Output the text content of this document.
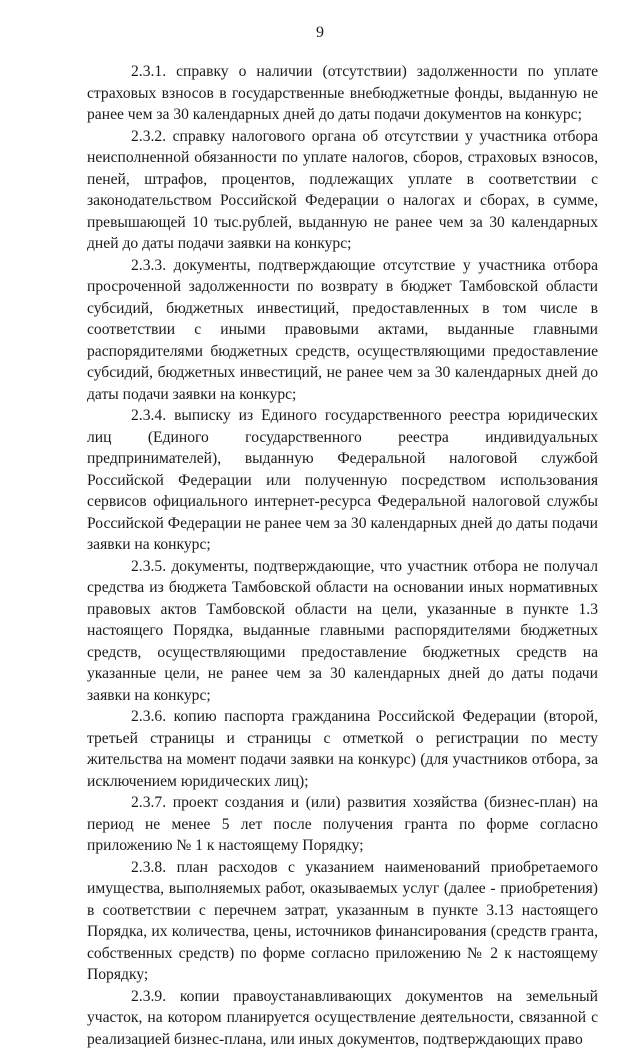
9

2.3.1. справку о наличии (отсутствии) задолженности по уплате страховых взносов в государственные внебюджетные фонды, выданную не ранее чем за 30 календарных дней до даты подачи документов на конкурс;

2.3.2. справку налогового органа об отсутствии у участника отбора неисполненной обязанности по уплате налогов, сборов, страховых взносов, пеней, штрафов, процентов, подлежащих уплате в соответствии с законодательством Российской Федерации о налогах и сборах, в сумме, превышающей 10 тыс.рублей, выданную не ранее чем за 30 календарных дней до даты подачи заявки на конкурс;

2.3.3. документы, подтверждающие отсутствие у участника отбора просроченной задолженности по возврату в бюджет Тамбовской области субсидий, бюджетных инвестиций, предоставленных в том числе в соответствии с иными правовыми актами, выданные главными распорядителями бюджетных средств, осуществляющими предоставление субсидий, бюджетных инвестиций, не ранее чем за 30 календарных дней до даты подачи заявки на конкурс;

2.3.4. выписку из Единого государственного реестра юридических лиц (Единого государственного реестра индивидуальных предпринимателей), выданную Федеральной налоговой службой Российской Федерации или полученную посредством использования сервисов официального интернет-ресурса Федеральной налоговой службы Российской Федерации не ранее чем за 30 календарных дней до даты подачи заявки на конкурс;

2.3.5. документы, подтверждающие, что участник отбора не получал средства из бюджета Тамбовской области на основании иных нормативных правовых актов Тамбовской области на цели, указанные в пункте 1.3 настоящего Порядка, выданные главными распорядителями бюджетных средств, осуществляющими предоставление бюджетных средств на указанные цели, не ранее чем за 30 календарных дней до даты подачи заявки на конкурс;

2.3.6. копию паспорта гражданина Российской Федерации (второй, третьей страницы и страницы с отметкой о регистрации по месту жительства на момент подачи заявки на конкурс) (для участников отбора, за исключением юридических лиц);

2.3.7. проект создания и (или) развития хозяйства (бизнес-план) на период не менее 5 лет после получения гранта по форме согласно приложению № 1 к настоящему Порядку;

2.3.8. план расходов с указанием наименований приобретаемого имущества, выполняемых работ, оказываемых услуг (далее - приобретения) в соответствии с перечнем затрат, указанным в пункте 3.13 настоящего Порядка, их количества, цены, источников финансирования (средств гранта, собственных средств) по форме согласно приложению № 2 к настоящему Порядку;

2.3.9. копии правоустанавливающих документов на земельный участок, на котором планируется осуществление деятельности, связанной с реализацией бизнес-плана, или иных документов, подтверждающих право
